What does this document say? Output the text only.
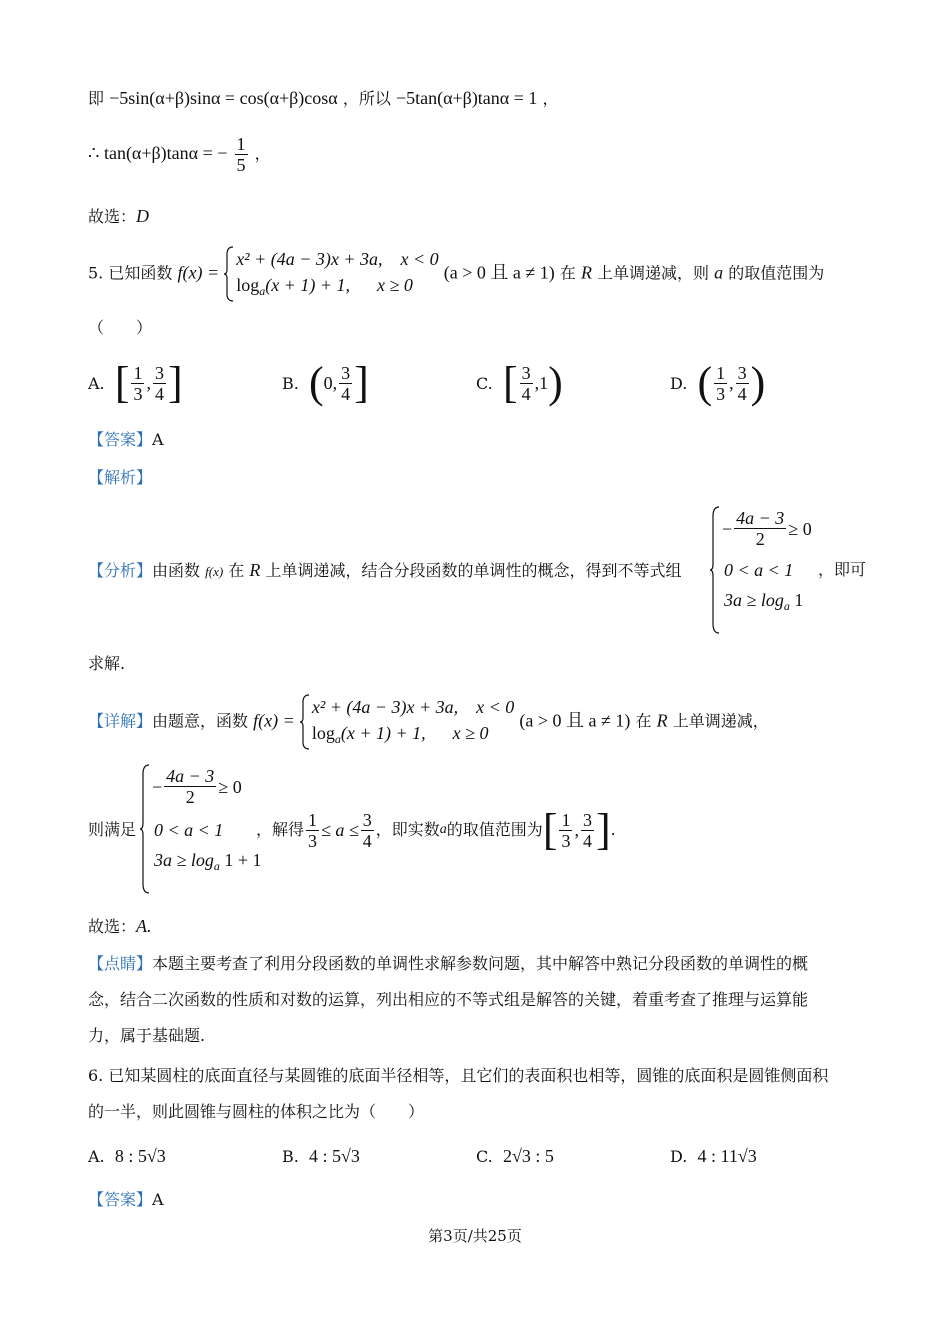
即 −5sin(α+β)sinα = cos(α+β)cosα ，所以 −5tan(α+β)tanα = 1 ，
∴ tan(α+β)tanα = − $\frac{1}{5}$ ，
故选：D
5. 已知函数 f(x) =
x² + (4a − 3)x + 3a, x < 0
$\log_a(x + 1) + 1$, x ≥ 0
(a > 0 且 a ≠ 1) 在 R 上单调递减，则 a 的取值范围为
（　　）
A.
[ $\frac{1}{3}$ , $\frac{3}{4}$ ]	B.
( 0, $\frac{3}{4}$ ]	C.
[ $\frac{3}{4} ,1$ )	D.
( $\frac{1}{3}$ , $\frac{3}{4}$ )
【答案】A
【解析】
【分析】由函数 f(x) 在 R 上单调递减，结合分段函数的单调性的概念，得到不等式组
− $\frac{4a - 3}{2} \ge 0$
0 < a < 1
$3a \ge \log_a 1$
，即可
求解.
【详解】由题意，函数 f(x) =
x² + (4a − 3)x + 3a, x < 0
$\log_a(x + 1) + 1$, x ≥ 0
(a > 0 且 a ≠ 1) 在 R 上单调递减，
则满足
− $\frac{4a - 3}{2} \ge 0$
0 < a < 1
$3a \ge \log_a 1 + 1$
，解得 $\frac{1}{3} \le a \le \frac{3}{4}$ ，即实数 a 的取值范围为 [ $\frac{1}{3}$ , $\frac{3}{4}$ ] .
故选：A.
【点睛】本题主要考查了利用分段函数的单调性求解参数问题，其中解答中熟记分段函数的单调性的概
念，结合二次函数的性质和对数的运算，列出相应的不等式组是解答的关键，着重考查了推理与运算能
力，属于基础题.
6. 已知某圆柱的底面直径与某圆锥的底面半径相等，且它们的表面积也相等，圆锥的底面积是圆锥侧面积
的一半，则此圆锥与圆柱的体积之比为（　　）
A. 8 : 5√3	B. 4 : 5√3	C. 2√3 : 5	D. 4 : 11√3
【答案】A
第3页/共25页
